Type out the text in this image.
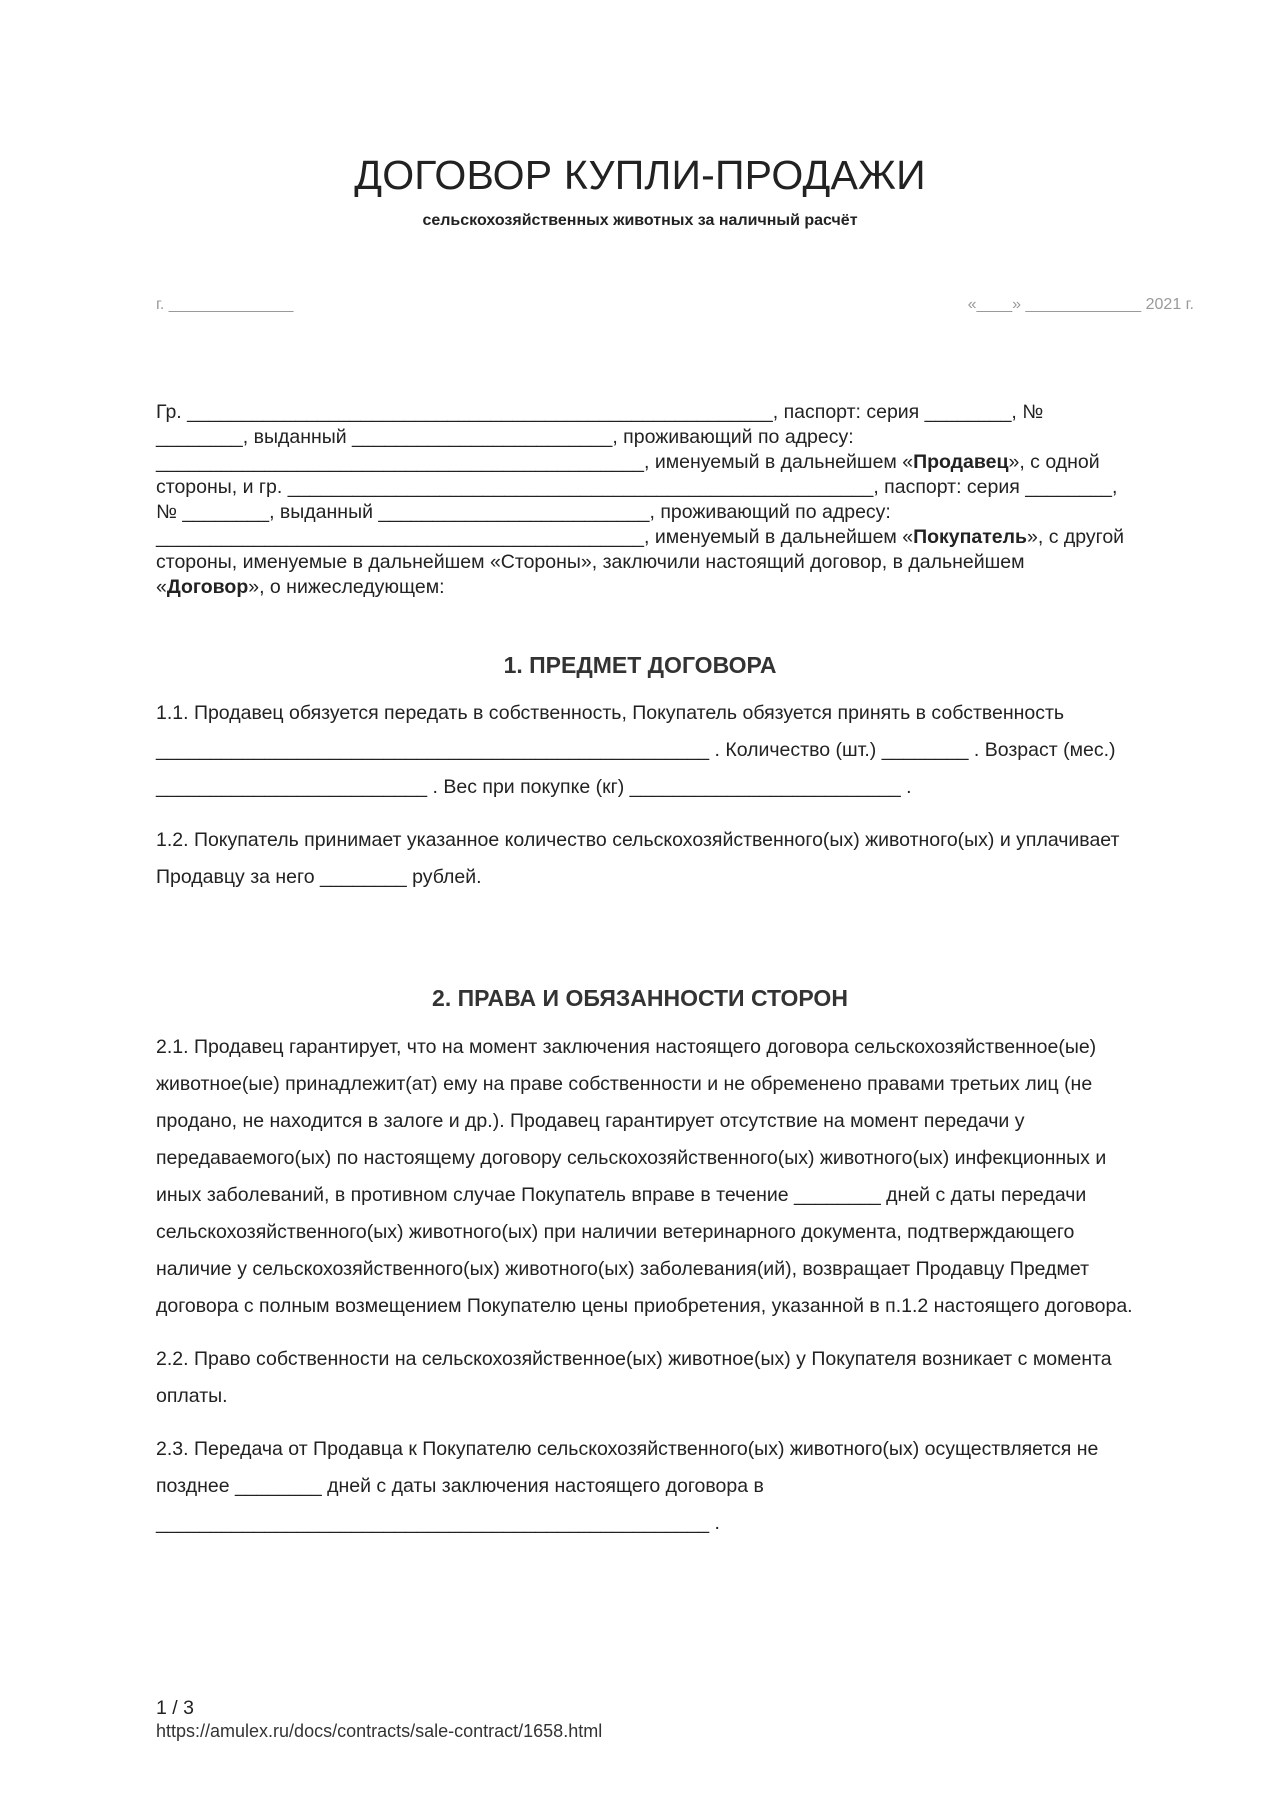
ДОГОВОР КУПЛИ-ПРОДАЖИ
сельскохозяйственных животных за наличный расчёт
г. ______________	«____» _____________ 2021 г.

Гр. ______________________________________________________, паспорт: серия ________, № ________, выданный ________________________, проживающий по адресу: _____________________________________________, именуемый в дальнейшем «Продавец», с одной стороны, и гр. ______________________________________________________, паспорт: серия ________, № ________, выданный _________________________, проживающий по адресу: _____________________________________________, именуемый в дальнейшем «Покупатель», с другой стороны, именуемые в дальнейшем «Стороны», заключили настоящий договор, в дальнейшем «Договор», о нижеследующем:

1. ПРЕДМЕТ ДОГОВОРА

1.1. Продавец обязуется передать в собственность, Покупатель обязуется принять в собственность ___________________________________________________ . Количество (шт.) ________ . Возраст (мес.) _________________________ . Вес при покупке (кг) _________________________ .

1.2. Покупатель принимает указанное количество сельскохозяйственного(ых) животного(ых) и уплачивает Продавцу за него ________ рублей.

2. ПРАВА И ОБЯЗАННОСТИ СТОРОН

2.1. Продавец гарантирует, что на момент заключения настоящего договора сельскохозяйственное(ые) животное(ые) принадлежит(ат) ему на праве собственности и не обременено правами третьих лиц (не продано, не находится в залоге и др.). Продавец гарантирует отсутствие на момент передачи у передаваемого(ых) по настоящему договору сельскохозяйственного(ых) животного(ых) инфекционных и иных заболеваний, в противном случае Покупатель вправе в течение ________ дней с даты передачи сельскохозяйственного(ых) животного(ых) при наличии ветеринарного документа, подтверждающего наличие у сельскохозяйственного(ых) животного(ых) заболевания(ий), возвращает Продавцу Предмет договора с полным возмещением Покупателю цены приобретения, указанной в п.1.2 настоящего договора.

2.2. Право собственности на сельскохозяйственное(ых) животное(ых) у Покупателя возникает с момента оплаты.

2.3. Передача от Продавца к Покупателю сельскохозяйственного(ых) животного(ых) осуществляется не позднее ________ дней с даты заключения настоящего договора в ___________________________________________________ .

1 / 3
https://amulex.ru/docs/contracts/sale-contract/1658.html
